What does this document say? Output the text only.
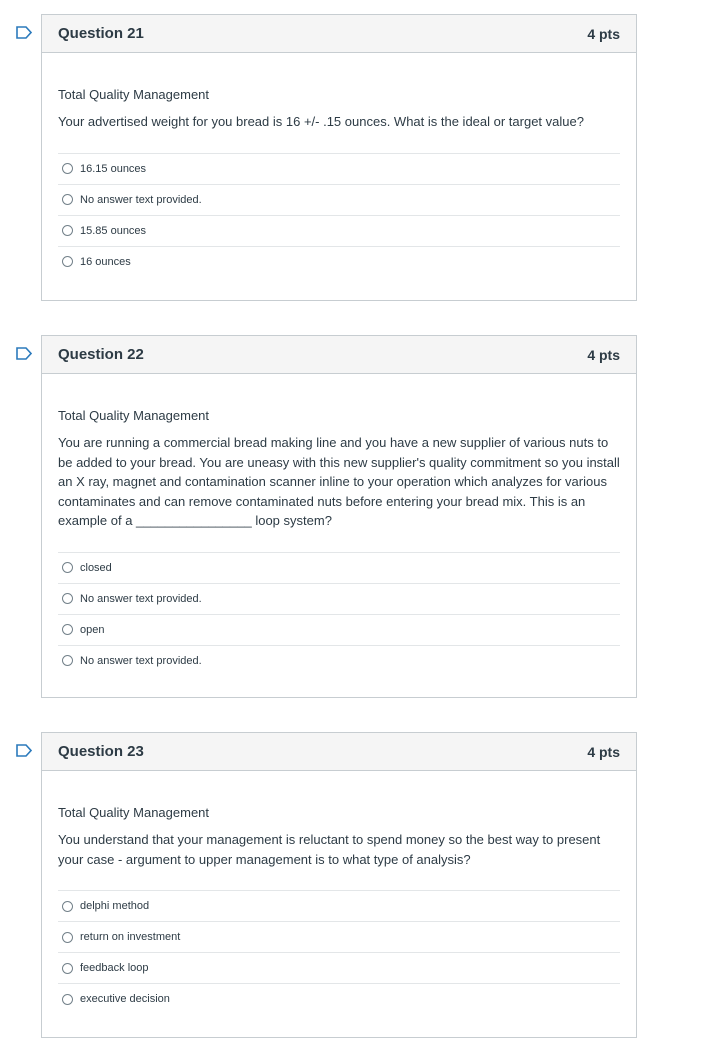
Question 21	4 pts

Total Quality Management

Your advertised weight for you bread is 16 +/- .15 ounces. What is the ideal or target value?

16.15 ounces
No answer text provided.
15.85 ounces
16 ounces
Question 22	4 pts

Total Quality Management

You are running a commercial bread making line and you have a new supplier of various nuts to be added to your bread. You are uneasy with this new supplier's quality commitment so you install an X ray, magnet and contamination scanner inline to your operation which analyzes for various contaminates and can remove contaminated nuts before entering your bread mix. This is an example of a ________________ loop system?

closed
No answer text provided.
open
No answer text provided.
Question 23	4 pts

Total Quality Management

You understand that your management is reluctant to spend money so the best way to present your case - argument to upper management is to what type of analysis?

delphi method
return on investment
feedback loop
executive decision
